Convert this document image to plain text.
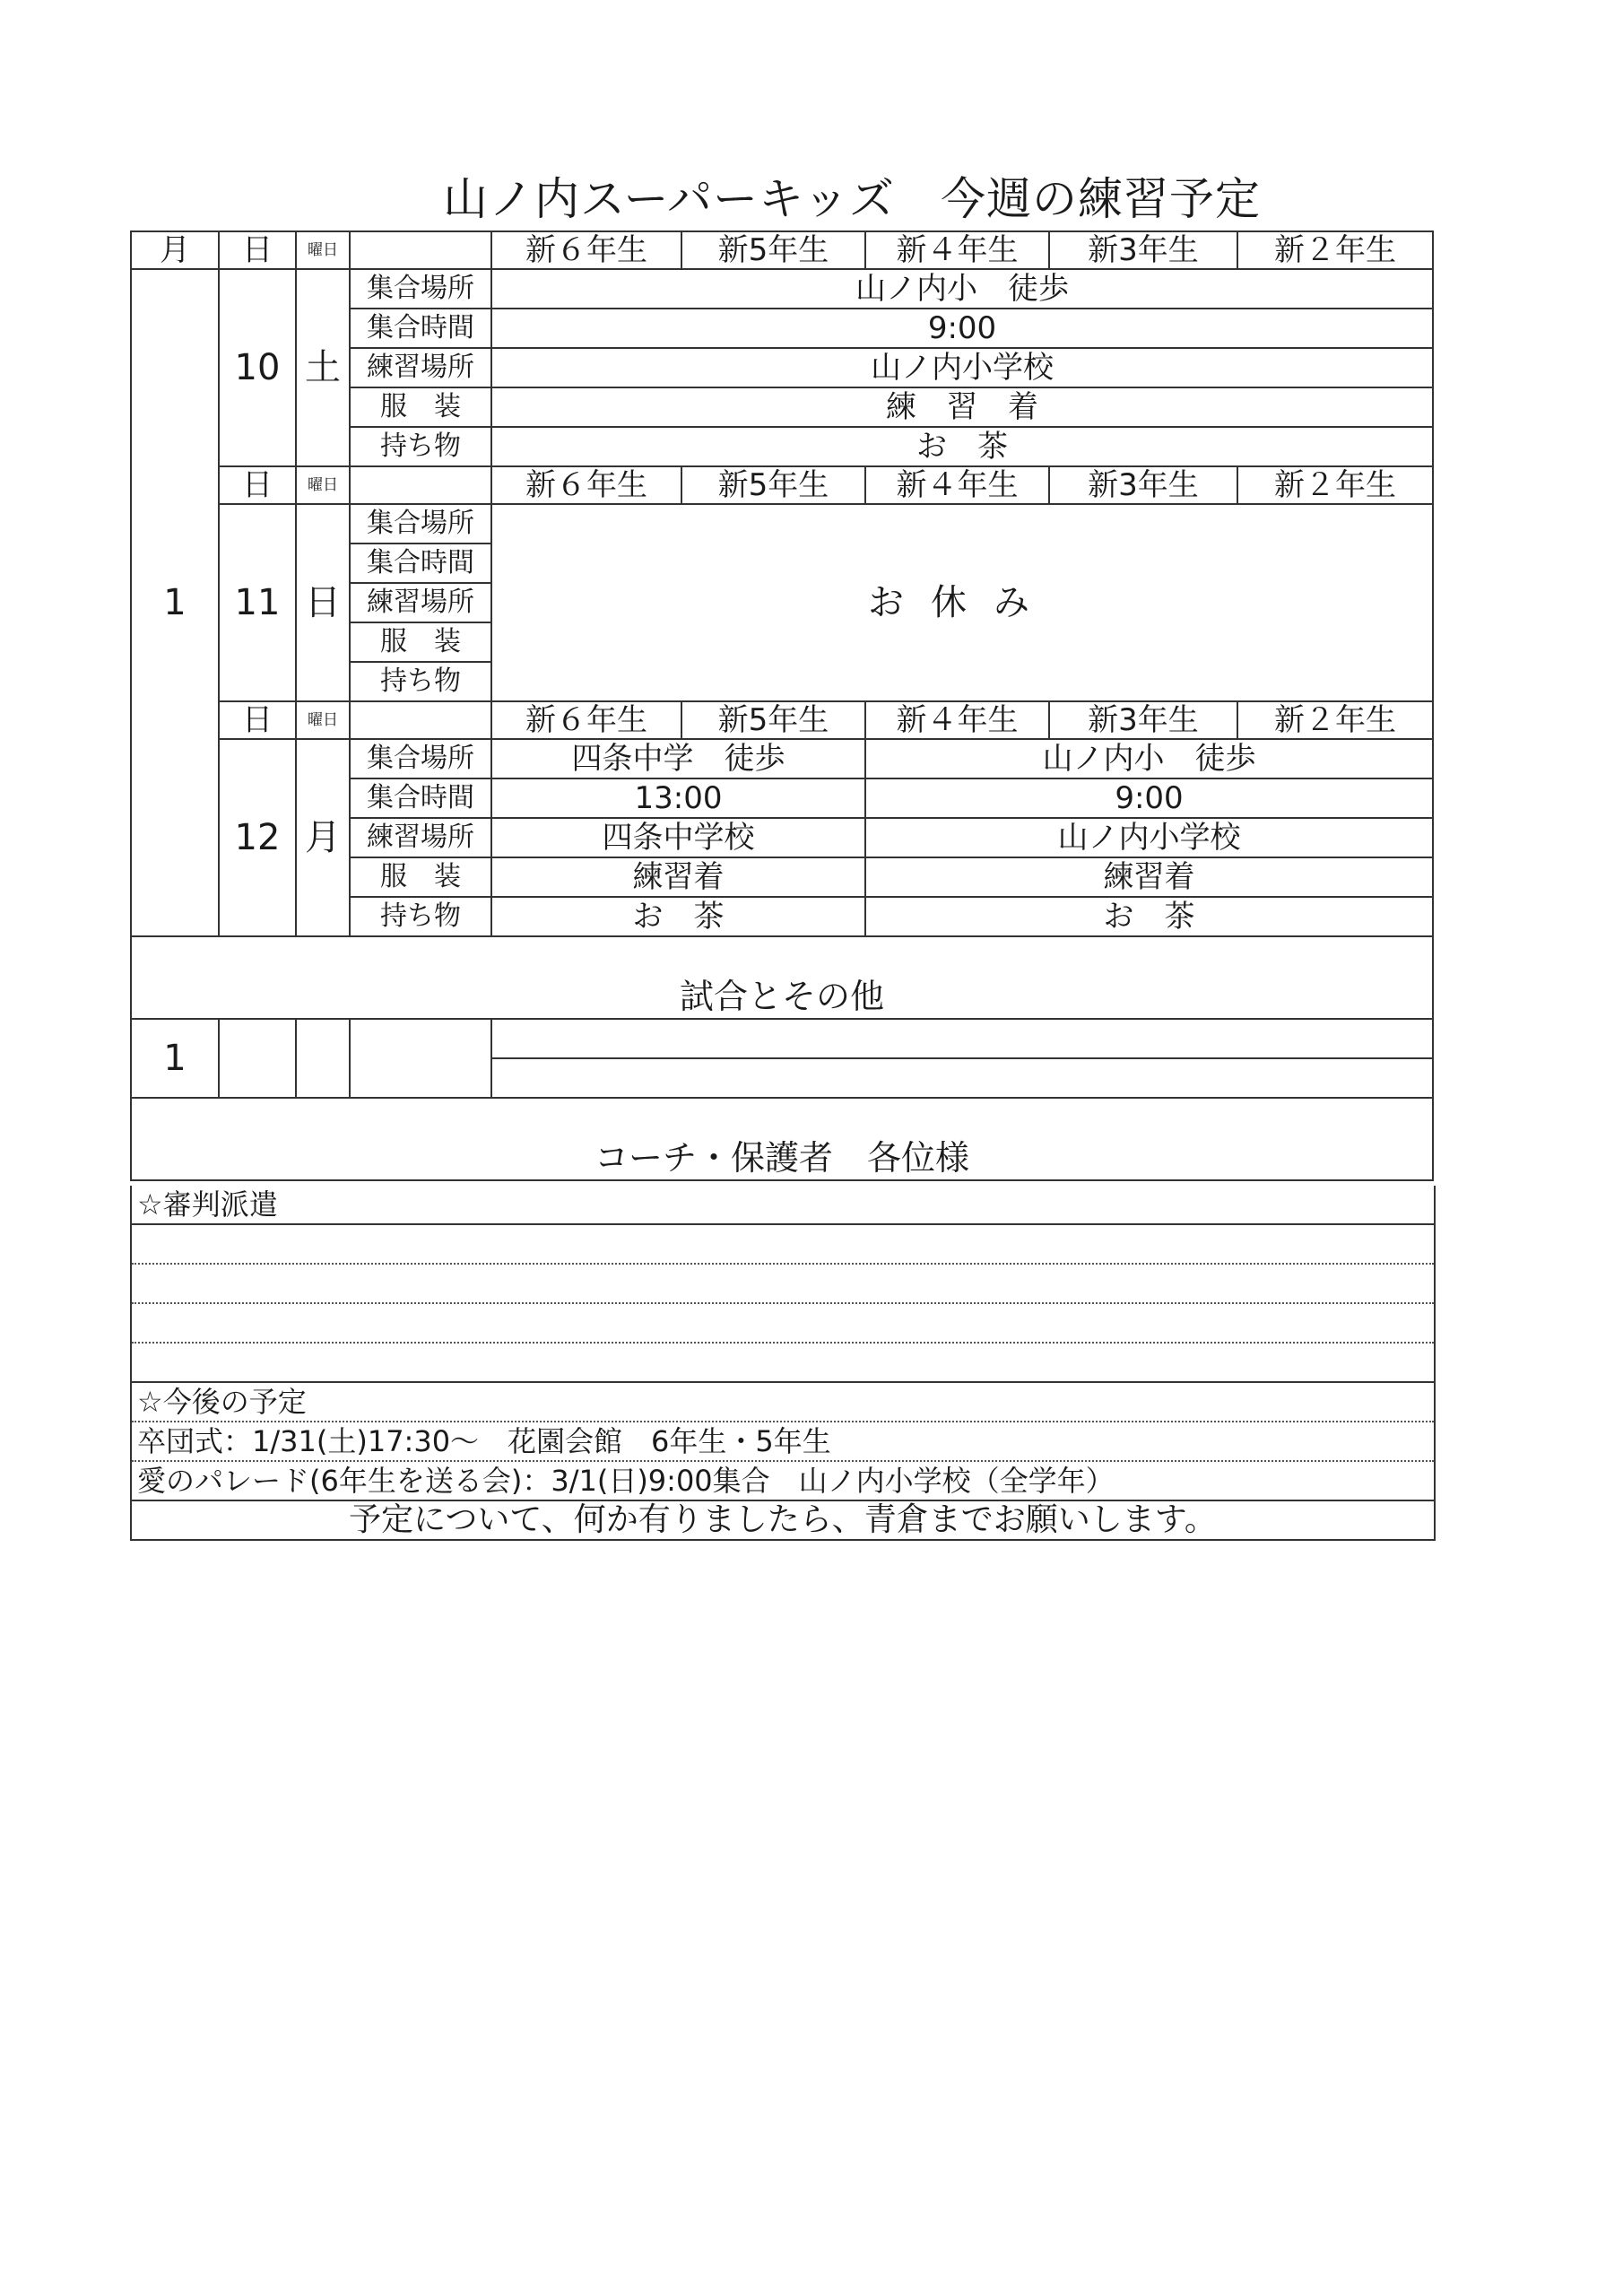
山ノ内スーパーキッズ　今週の練習予定
月	日	曜日		新６年生	新5年生	新４年生	新3年生	新２年生
1	10	土	集合場所	山ノ内小　徒歩				
			集合時間	9:00				
			練習場所	山ノ内小学校				
			服　装	練　習　着				
			持ち物	お　茶				
	日	曜日		新６年生	新5年生	新４年生	新3年生	新２年生
	11	日	集合場所	お休み				
			集合時間					
			練習場所					
			服　装					
			持ち物					
	日	曜日		新６年生	新5年生	新４年生	新3年生	新２年生
	12	月	集合場所	四条中学　徒歩		山ノ内小　徒歩		
			集合時間	13:00		9:00		
			練習場所	四条中学校		山ノ内小学校		
			服　装	練習着		練習着		
			持ち物	お　茶		お　茶		
試合とその他								
1								

コーチ・保護者　各位様								
☆審判派遣
☆今後の予定
卒団式：1/31(土)17:30～　花園会館　6年生・5年生
愛のパレード(6年生を送る会)：3/1(日)9:00集合　山ノ内小学校（全学年）
予定について、何か有りましたら、青倉までお願いします。
